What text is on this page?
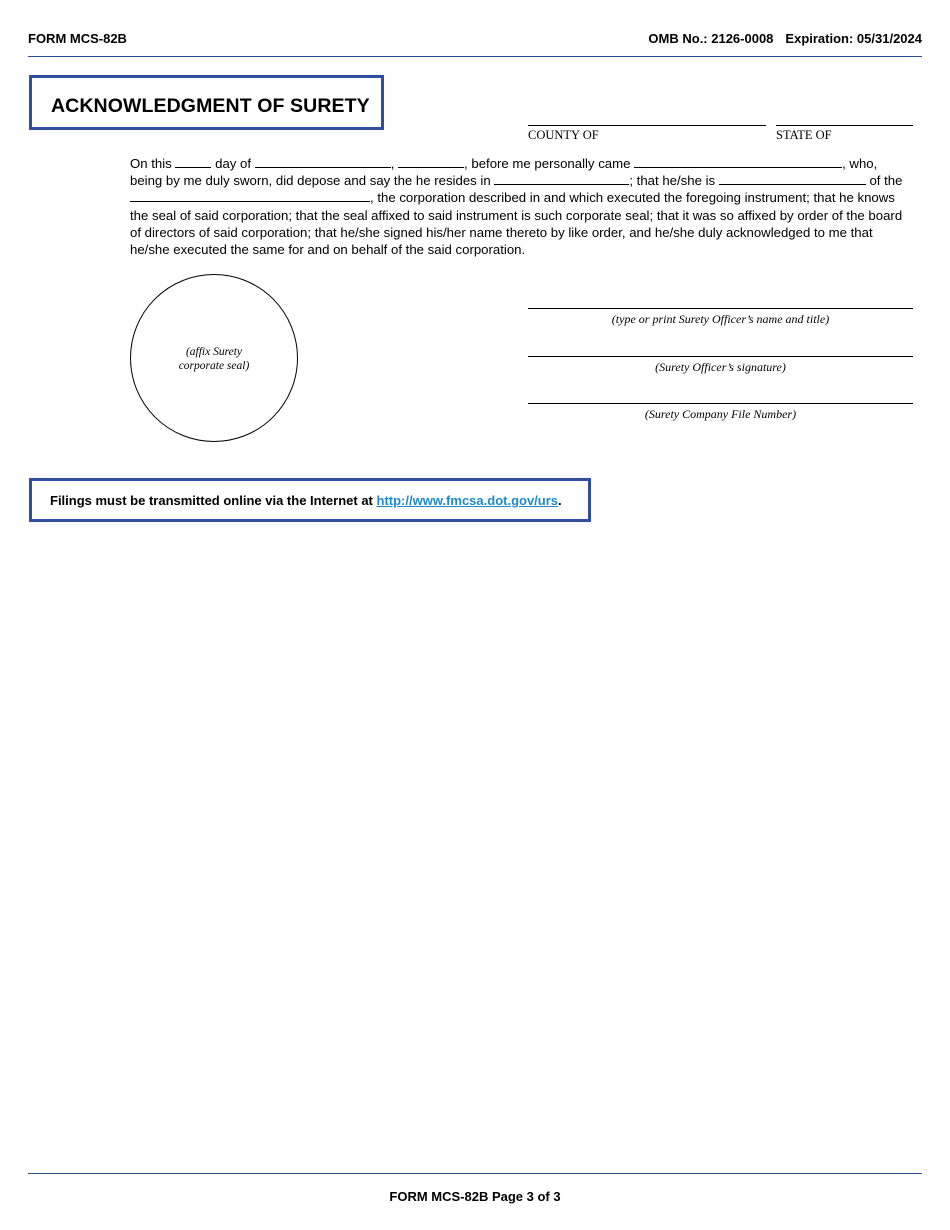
FORM MCS-82B	OMB No.: 2126-0008 Expiration: 05/31/2024
ACKNOWLEDGMENT OF SURETY
COUNTY OF	STATE OF
On this	day of	,	, before me personally came	, who, being by me duly sworn, did depose and say the he resides in	; that he/she is	of the , the corporation described in and which executed the foregoing instrument; that he knows the seal of said corporation; that the seal affixed to said instrument is such corporate seal; that it was so affixed by order of the board of directors of said corporation; that he/she signed his/her name thereto by like order, and he/she duly acknowledged to me that he/she executed the same for and on behalf of the said corporation.
(affix Surety
corporate seal)
(type or print Surety Officer’s name and title)
(Surety Officer’s signature)
(Surety Company File Number)
Filings must be transmitted online via the Internet at http://www.fmcsa.dot.gov/urs.
FORM MCS-82B Page 3 of 3
